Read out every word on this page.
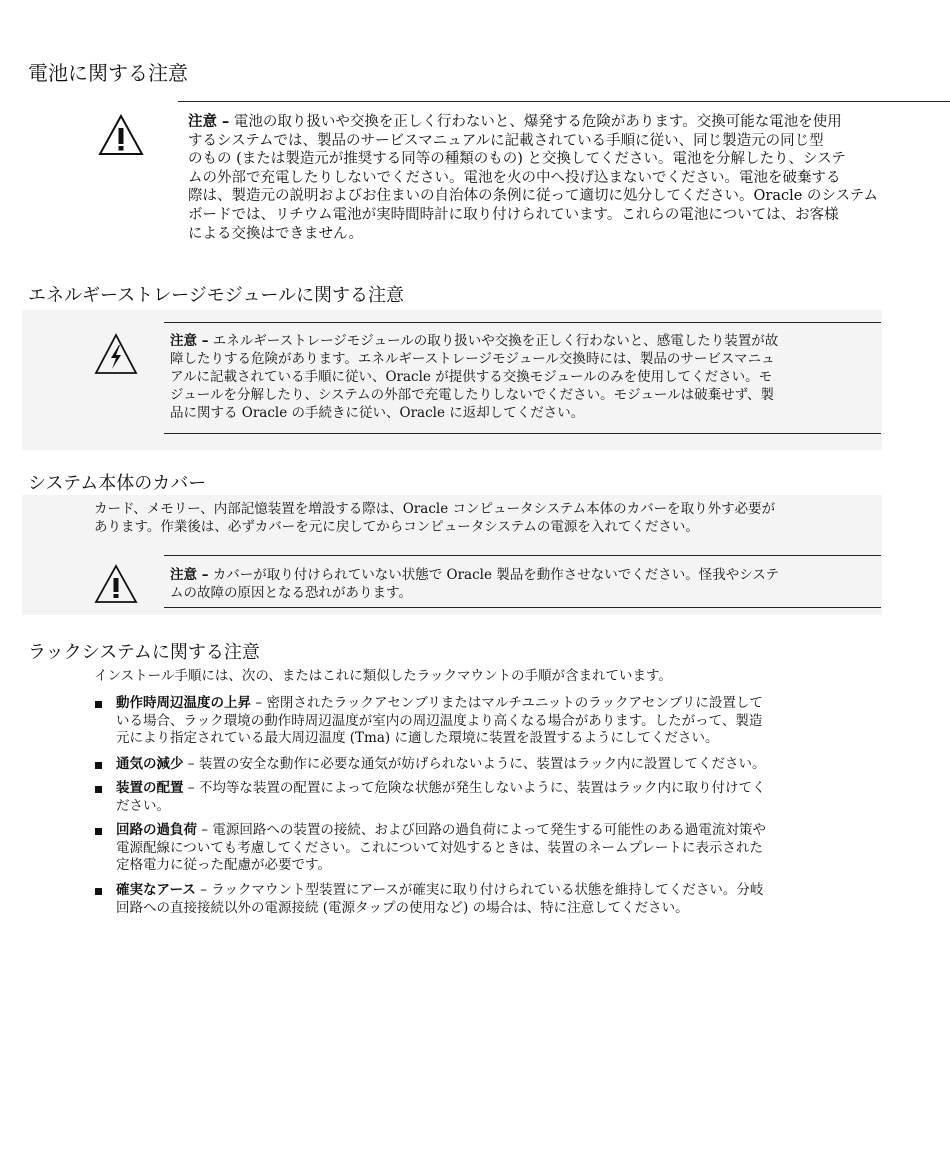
電池に関する注意
注意 – 電池の取り扱いや交換を正しく行わないと、爆発する危険があります。交換可能な電池を使用
するシステムでは、製品のサービスマニュアルに記載されている手順に従い、同じ製造元の同じ型
のもの (または製造元が推奨する同等の種類のもの) と交換してください。電池を分解したり、システ
ムの外部で充電したりしないでください。電池を火の中へ投げ込まないでください。電池を破棄する
際は、製造元の説明およびお住まいの自治体の条例に従って適切に処分してください。Oracle のシステム
ボードでは、リチウム電池が実時間時計に取り付けられています。これらの電池については、お客様
による交換はできません。
エネルギーストレージモジュールに関する注意
注意 – エネルギーストレージモジュールの取り扱いや交換を正しく行わないと、感電したり装置が故
障したりする危険があります。エネルギーストレージモジュール交換時には、製品のサービスマニュ
アルに記載されている手順に従い、Oracle が提供する交換モジュールのみを使用してください。モ
ジュールを分解したり、システムの外部で充電したりしないでください。モジュールは破棄せず、製
品に関する Oracle の手続きに従い、Oracle に返却してください。
システム本体のカバー
カード、メモリー、内部記憶装置を増設する際は、Oracle コンピュータシステム本体のカバーを取り外す必要が
あります。作業後は、必ずカバーを元に戻してからコンピュータシステムの電源を入れてください。
注意 – カバーが取り付けられていない状態で Oracle 製品を動作させないでください。怪我やシステ
ムの故障の原因となる恐れがあります。
ラックシステムに関する注意
インストール手順には、次の、またはこれに類似したラックマウントの手順が含まれています。
動作時周辺温度の上昇 – 密閉されたラックアセンブリまたはマルチユニットのラックアセンブリに設置して
いる場合、ラック環境の動作時周辺温度が室内の周辺温度より高くなる場合があります。したがって、製造
元により指定されている最大周辺温度 (Tma) に適した環境に装置を設置するようにしてください。
通気の減少 – 装置の安全な動作に必要な通気が妨げられないように、装置はラック内に設置してください。
装置の配置 – 不均等な装置の配置によって危険な状態が発生しないように、装置はラック内に取り付けてく
ださい。
回路の過負荷 – 電源回路への装置の接続、および回路の過負荷によって発生する可能性のある過電流対策や
電源配線についても考慮してください。これについて対処するときは、装置のネームプレートに表示された
定格電力に従った配慮が必要です。
確実なアース – ラックマウント型装置にアースが確実に取り付けられている状態を維持してください。分岐
回路への直接接続以外の電源接続 (電源タップの使用など) の場合は、特に注意してください。
